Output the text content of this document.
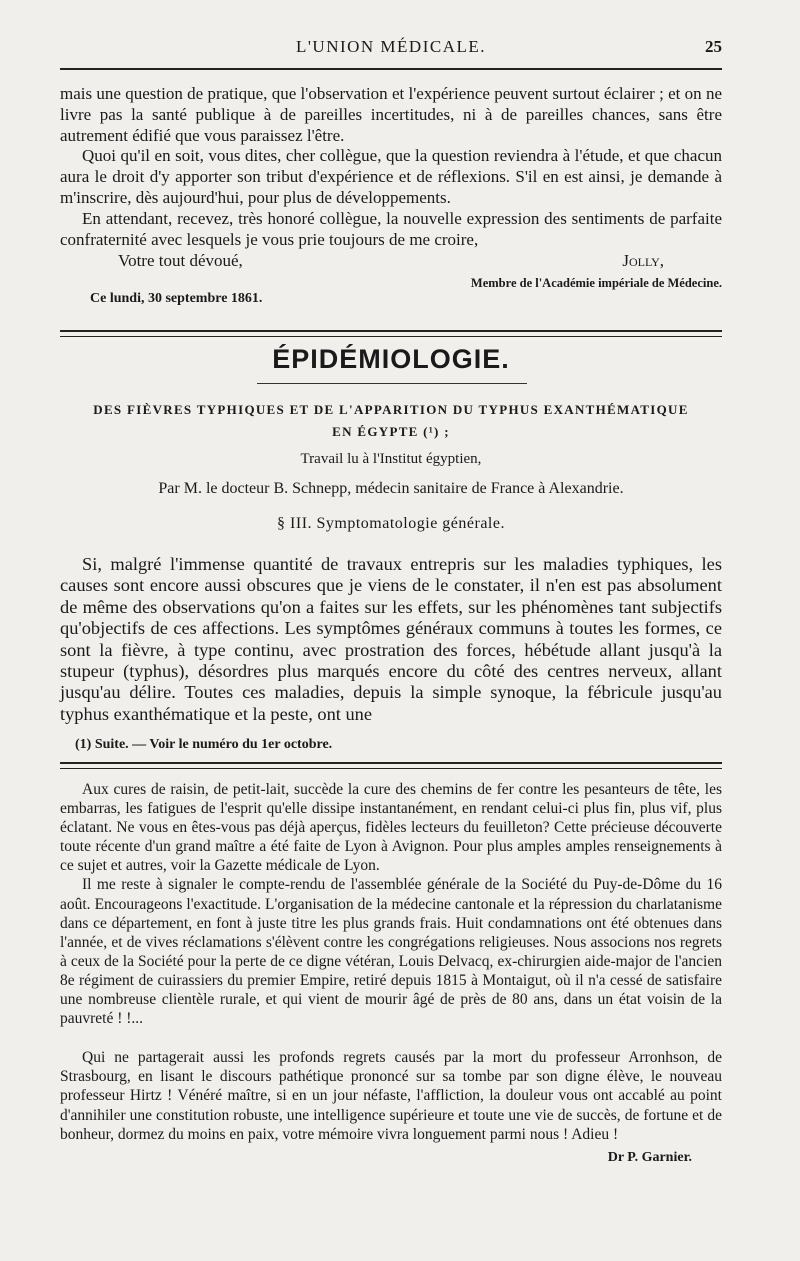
L'UNION MÉDICALE.	25

mais une question de pratique, que l'observation et l'expérience peuvent surtout éclairer ; et on ne livre pas la santé publique à de pareilles incertitudes, ni à de pareilles chances, sans être autrement édifié que vous paraissez l'être.

Quoi qu'il en soit, vous dites, cher collègue, que la question reviendra à l'étude, et que chacun aura le droit d'y apporter son tribut d'expérience et de réflexions. S'il en est ainsi, je demande à m'inscrire, dès aujourd'hui, pour plus de développements.

En attendant, recevez, très honoré collègue, la nouvelle expression des sentiments de parfaite confraternité avec lesquels je vous prie toujours de me croire,

Votre tout dévoué,	Jolly,
Membre de l'Académie impériale de Médecine.
Ce lundi, 30 septembre 1861.
ÉPIDÉMIOLOGIE.
DES FIÈVRES TYPHIQUES ET DE L'APPARITION DU TYPHUS EXANTHÉMATIQUE
EN ÉGYPTE (¹) ;
Travail lu à l'Institut égyptien,
Par M. le docteur B. Schnepp, médecin sanitaire de France à Alexandrie.
§ III. Symptomatologie générale.

Si, malgré l'immense quantité de travaux entrepris sur les maladies typhiques, les causes sont encore aussi obscures que je viens de le constater, il n'en est pas absolument de même des observations qu'on a faites sur les effets, sur les phénomènes tant subjectifs qu'objectifs de ces affections. Les symptômes généraux communs à toutes les formes, ce sont la fièvre, à type continu, avec prostration des forces, hébétude allant jusqu'à la stupeur (typhus), désordres plus marqués encore du côté des centres nerveux, allant jusqu'au délire. Toutes ces maladies, depuis la simple synoque, la fébricule jusqu'au typhus exanthématique et la peste, ont une

(1) Suite. — Voir le numéro du 1er octobre.

Aux cures de raisin, de petit-lait, succède la cure des chemins de fer contre les pesanteurs de tête, les embarras, les fatigues de l'esprit qu'elle dissipe instantanément, en rendant celui-ci plus fin, plus vif, plus éclatant. Ne vous en êtes-vous pas déjà aperçus, fidèles lecteurs du feuilleton? Cette précieuse découverte toute récente d'un grand maître a été faite de Lyon à Avignon. Pour plus amples amples renseignements à ce sujet et autres, voir la Gazette médicale de Lyon.

Il me reste à signaler le compte-rendu de l'assemblée générale de la Société du Puy-de-Dôme du 16 août. Encourageons l'exactitude. L'organisation de la médecine cantonale et la répression du charlatanisme dans ce département, en font à juste titre les plus grands frais. Huit condamnations ont été obtenues dans l'année, et de vives réclamations s'élèvent contre les congrégations religieuses. Nous associons nos regrets à ceux de la Société pour la perte de ce digne vétéran, Louis Delvacq, ex-chirurgien aide-major de l'ancien 8e régiment de cuirassiers du premier Empire, retiré depuis 1815 à Montaigut, où il n'a cessé de satisfaire une nombreuse clientèle rurale, et qui vient de mourir âgé de près de 80 ans, dans un état voisin de la pauvreté ! !...

Qui ne partagerait aussi les profonds regrets causés par la mort du professeur Arronhson, de Strasbourg, en lisant le discours pathétique prononcé sur sa tombe par son digne élève, le nouveau professeur Hirtz ! Vénéré maître, si en un jour néfaste, l'affliction, la douleur vous ont accablé au point d'annihiler une constitution robuste, une intelligence supérieure et toute une vie de succès, de fortune et de bonheur, dormez du moins en paix, votre mémoire vivra longuement parmi nous ! Adieu !

Dr P. Garnier.
